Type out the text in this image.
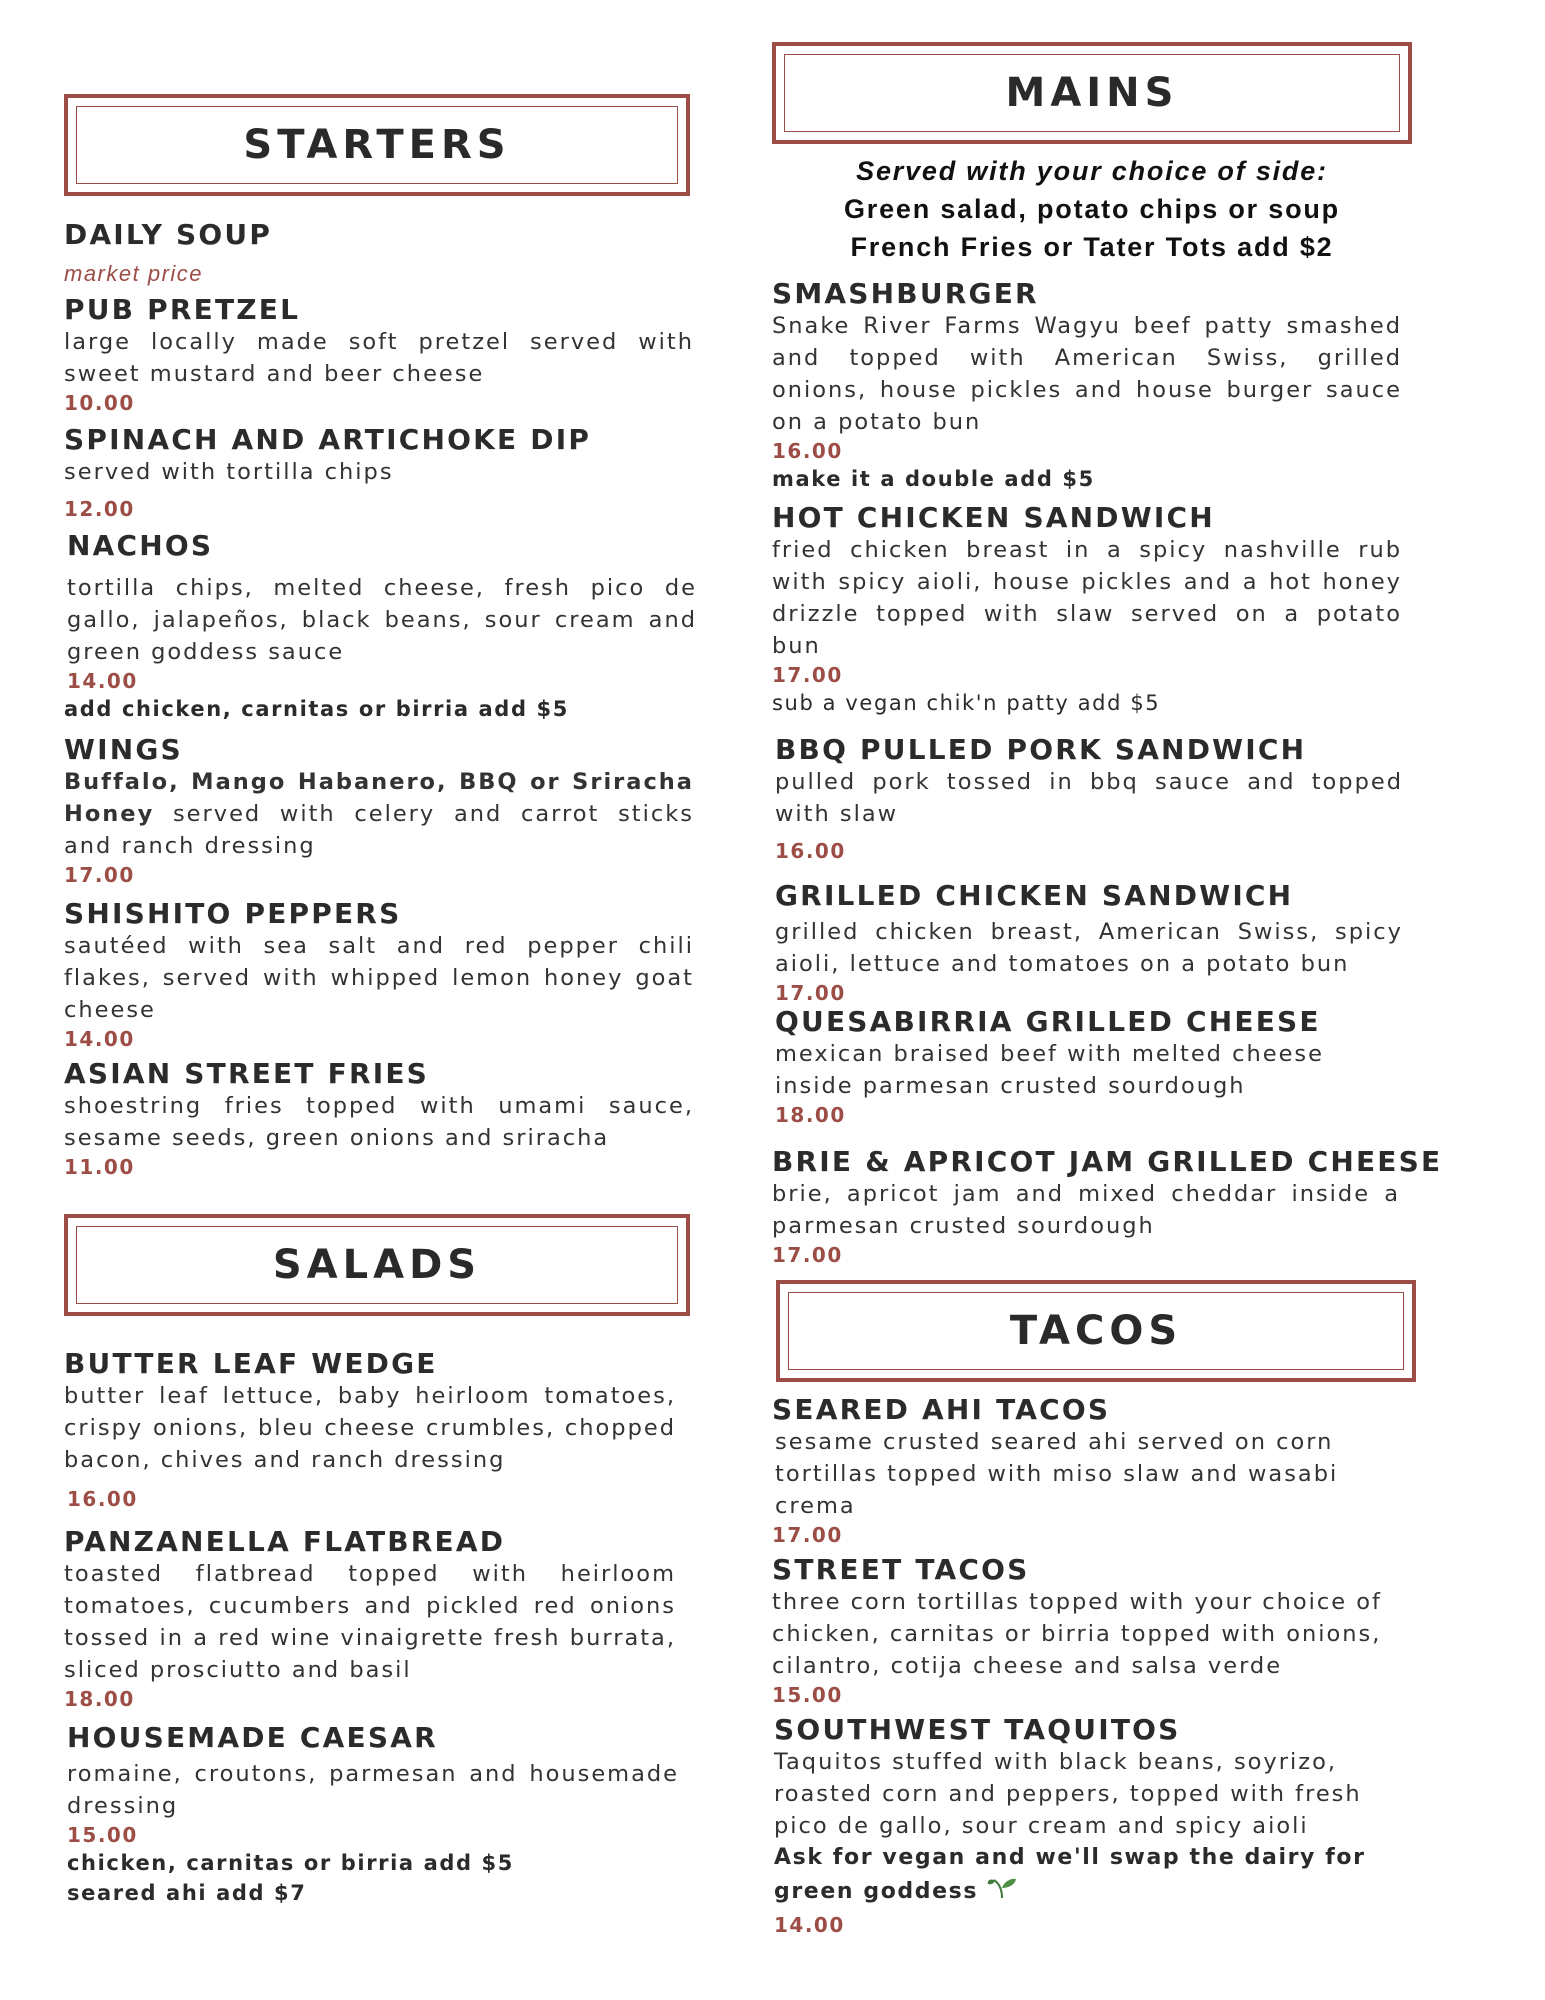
STARTERS
DAILY SOUP
market price
PUB PRETZEL
large locally made soft pretzel served with sweet mustard and beer cheese
10.00
SPINACH AND ARTICHOKE DIP
served with tortilla chips
12.00
NACHOS
tortilla chips, melted cheese, fresh pico de gallo, jalapeños, black beans, sour cream and green goddess sauce
14.00
add chicken, carnitas or birria add $5
WINGS
Buffalo, Mango Habanero, BBQ or Sriracha Honey served with celery and carrot sticks and ranch dressing
17.00
SHISHITO PEPPERS
sautéed with sea salt and red pepper chili flakes, served with whipped lemon honey goat cheese
14.00
ASIAN STREET FRIES
shoestring fries topped with umami sauce, sesame seeds, green onions and sriracha
11.00
SALADS
BUTTER LEAF WEDGE
butter leaf lettuce, baby heirloom tomatoes, crispy onions, bleu cheese crumbles, chopped bacon, chives and ranch dressing
16.00
PANZANELLA FLATBREAD
toasted flatbread topped with heirloom tomatoes, cucumbers and pickled red onions tossed in a red wine vinaigrette fresh burrata, sliced prosciutto and basil
18.00
HOUSEMADE CAESAR
romaine, croutons, parmesan and housemade dressing
15.00
chicken, carnitas or birria add $5
seared ahi add $7
MAINS
Served with your choice of side:
Green salad, potato chips or soup
French Fries or Tater Tots add $2
SMASHBURGER
Snake River Farms Wagyu beef patty smashed and topped with American Swiss, grilled onions, house pickles and house burger sauce on a potato bun
16.00
make it a double add $5
HOT CHICKEN SANDWICH
fried chicken breast in a spicy nashville rub with spicy aioli, house pickles and a hot honey drizzle topped with slaw served on a potato bun
17.00
sub a vegan chik'n patty add $5
BBQ PULLED PORK SANDWICH
pulled pork tossed in bbq sauce and topped with slaw
16.00
GRILLED CHICKEN SANDWICH
grilled chicken breast, American Swiss, spicy aioli, lettuce and tomatoes on a potato bun
17.00
QUESABIRRIA GRILLED CHEESE
mexican braised beef with melted cheese inside parmesan crusted sourdough
18.00
BRIE & APRICOT JAM GRILLED CHEESE
brie, apricot jam and mixed cheddar inside a parmesan crusted sourdough
17.00
TACOS
SEARED AHI TACOS
sesame crusted seared ahi served on corn tortillas topped with miso slaw and wasabi crema
17.00
STREET TACOS
three corn tortillas topped with your choice of chicken, carnitas or birria topped with onions, cilantro, cotija cheese and salsa verde
15.00
SOUTHWEST TAQUITOS
Taquitos stuffed with black beans, soyrizo, roasted corn and peppers, topped with fresh pico de gallo, sour cream and spicy aioli
Ask for vegan and we'll swap the dairy for green goddess
14.00
